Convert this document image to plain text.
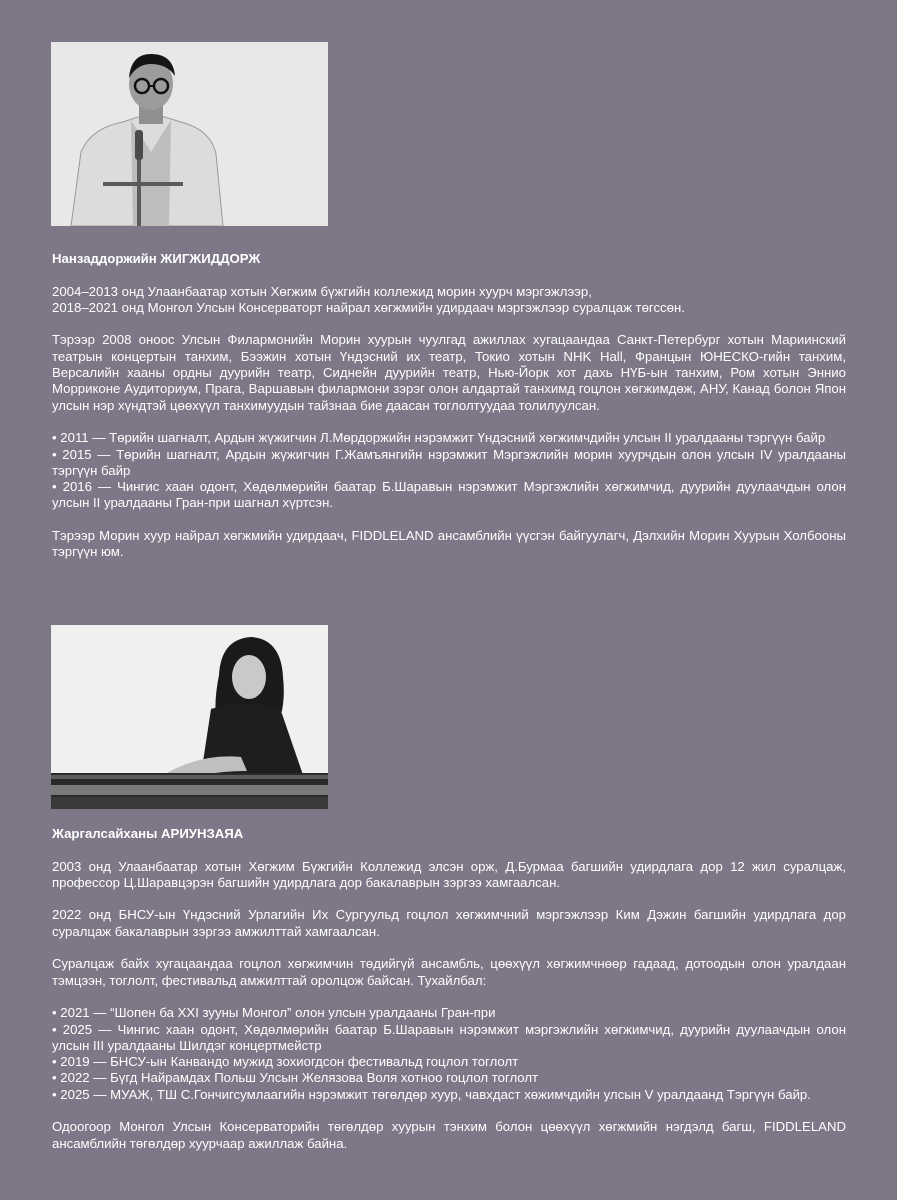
Нанзаддоржийн ЖИГЖИДДОРЖ

2004–2013 онд Улаанбаатар хотын Хөгжим бүжгийн коллежид морин хуурч мэргэжлээр,
2018–2021 онд Монгол Улсын Консерваторт найрал хөгжмийн удирдаач мэргэжлээр суралцаж төгссөн.

Тэрээр 2008 оноос Улсын Филармонийн Морин хуурын чуулгад ажиллах хугацаандаа Санкт-Петербург хотын Мариинский театрын концертын танхим, Бээжин хотын Үндэсний их театр, Токио хотын NHK Hall, Францын ЮНЕСКО-гийн танхим, Версалийн хааны ордны дуурийн театр, Сиднейн дуурийн театр, Нью-Йорк хот дахь НҮБ-ын танхим, Ром хотын Эннио Морриконе Аудиториум, Прага, Варшавын филармони зэрэг олон алдартай танхимд гоцлон хөгжимдөж, АНУ, Канад болон Япон улсын нэр хүндтэй цөөхүүл танхимуудын тайзнаа бие даасан тоглолтуудаа толилуулсан.

• 2011 — Төрийн шагналт, Ардын жүжигчин Л.Мөрдоржийн нэрэмжит Үндэсний хөгжимчдийн улсын II уралдааны тэргүүн байр
• 2015 — Төрийн шагналт, Ардын жүжигчин Г.Жамъянгийн нэрэмжит Мэргэжлийн морин хуурчдын олон улсын IV уралдааны тэргүүн байр
• 2016 — Чингис хаан одонт, Хөдөлмөрийн баатар Б.Шаравын нэрэмжит Мэргэжлийн хөгжимчид, дуурийн дуулаачдын олон улсын II уралдааны Гран-при шагнал хүртсэн.

Тэрээр Морин хуур найрал хөгжмийн удирдаач, FIDDLELAND ансамблийн үүсгэн байгуулагч, Дэлхийн Морин Хуурын Холбооны тэргүүн юм.

Жаргалсайханы АРИУНЗАЯА

2003 онд Улаанбаатар хотын Хөгжим Бүжгийн Коллежид элсэн орж, Д.Бурмаа багшийн удирдлага дор 12 жил суралцаж, профессор Ц.Шаравцэрэн багшийн удирдлага дор бакалаврын зэргээ хамгаалсан.

2022 онд БНСУ-ын Үндэсний Урлагийн Их Сургуульд гоцлол хөгжимчний мэргэжлээр Ким Дэжин багшийн удирдлага дор суралцаж бакалаврын зэргээ амжилттай хамгаалсан.

Суралцаж байх хугацаандаа гоцлол хөгжимчин төдийгүй ансамбль, цөөхүүл хөгжимчнөөр гадаад, дотоодын олон уралдаан тэмцээн, тоглолт, фестивальд амжилттай оролцож байсан. Тухайлбал:

• 2021 — “Шопен ба XXI зууны Монгол” олон улсын уралдааны Гран-при
• 2025 — Чингис хаан одонт, Хөдөлмөрийн баатар Б.Шаравын нэрэмжит мэргэжлийн хөгжимчид, дуурийн дуулаачдын олон улсын III уралдааны Шилдэг концертмейстр
• 2019 — БНСУ-ын Канвандо мужид зохиогдсон фестивальд гоцлол тоглолт
• 2022 — Бүгд Найрамдах Польш Улсын Желязова Воля хотноо гоцлол тоглолт
• 2025 — МУАЖ, ТШ С.Гончигсумлаагийн нэрэмжит төгөлдөр хуур, чавхдаст хөжимчдийн улсын V уралдаанд Тэргүүн байр.

Одоогоор Монгол Улсын Консерваторийн төгөлдөр хуурын тэнхим болон цөөхүүл хөгжмийн нэгдэлд багш, FIDDLELAND ансамблийн төгөлдөр хуурчаар ажиллаж байна.
